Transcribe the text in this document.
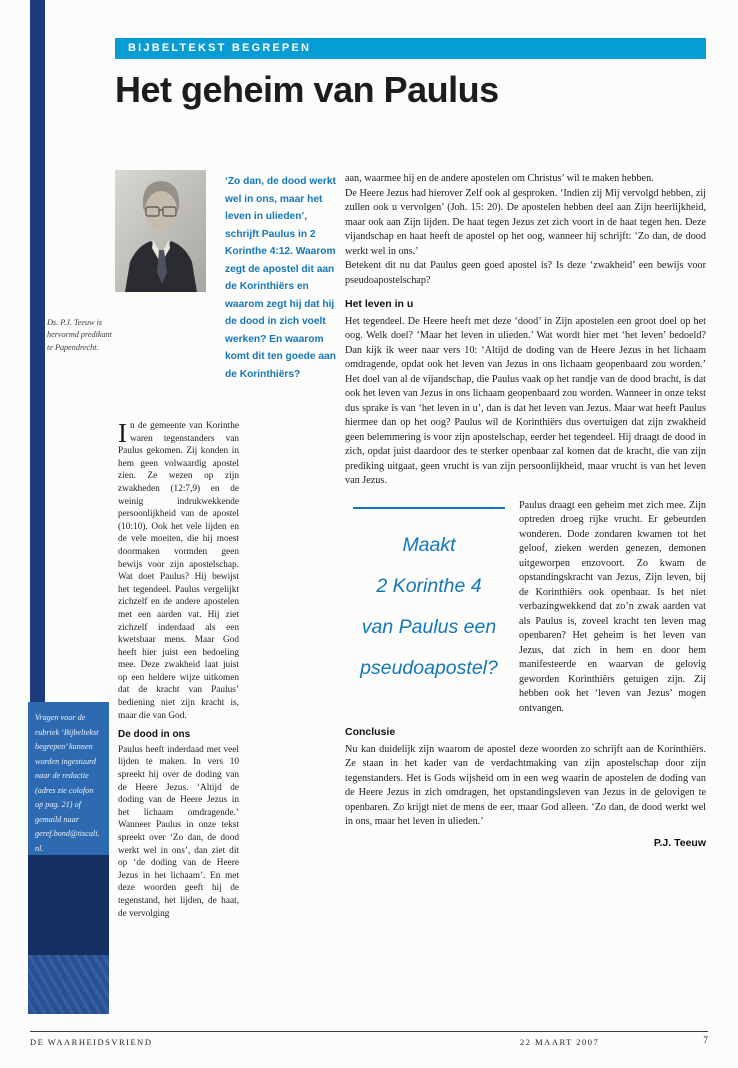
BIJBELTEKST BEGREPEN
Het geheim van Paulus
Ds. P.J. Teeuw is hervormd predikant te Papendrecht.
‘Zo dan, de dood werkt wel in ons, maar het leven in ulieden’, schrijft Paulus in 2 Korinthe 4:12. Waarom zegt de apostel dit aan de Korinthiërs en waarom zegt hij dat hij de dood in zich voelt werken? En waarom komt dit ten goede aan de Korinthiërs?

In de gemeente van Korinthe waren tegenstanders van Paulus gekomen. Zij konden in hem geen volwaardig apostel zien. Ze wezen op zijn zwakheden (12:7,9) en de weinig indrukwekkende persoonlijkheid van de apostel (10:10). Ook het vele lijden en de vele moeiten, die hij moest doormaken vormden geen bewijs voor zijn apostelschap. Wat doet Paulus? Hij bewijst het tegendeel. Paulus vergelijkt zichzelf en de andere apostelen met een aarden vat. Hij ziet zichzelf inderdaad als een kwetsbaar mens. Maar God heeft hier juist een bedoeling mee. Deze zwakheid laat juist op een heldere wijze uitkomen dat de kracht van Paulus’ bediening niet zijn kracht is, maar die van God.

De dood in ons

Paulus heeft inderdaad met veel lijden te maken. In vers 10 spreekt hij over de doding van de Heere Jezus. ‘Altijd de doding van de Heere Jezus in het lichaam omdragende.’ Wanneer Paulus in onze tekst spreekt over ‘Zo dan, de dood werkt wel in ons’, dan ziet dit op ‘de doding van de Heere Jezus in het lichaam’. En met deze woorden geeft hij de tegenstand, het lijden, de haat, de vervolging

aan, waarmee hij en de andere apostelen om Christus’ wil te maken hebben.
De Heere Jezus had hierover Zelf ook al gesproken. ‘Indien zij Mij vervolgd hebben, zij zullen ook u vervolgen’ (Joh. 15: 20). De apostelen hebben deel aan Zijn heerlijkheid, maar ook aan Zijn lijden. De haat tegen Jezus zet zich voort in de haat tegen hen. Deze vijandschap en haat heeft de apostel op het oog, wanneer hij schrijft: ‘Zo dan, de dood werkt wel in ons.’
Betekent dit nu dat Paulus geen goed apostel is? Is deze ‘zwakheid’ een bewijs voor pseudoapostelschap?
Het leven in u

Het tegendeel. De Heere heeft met deze ‘dood’ in Zijn apostelen een groot doel op het oog. Welk doel? ‘Maar het leven in ulieden.’ Wat wordt hier met ‘het leven’ bedoeld? Dan kijk ik weer naar vers 10: ‘Altijd de doding van de Heere Jezus in het lichaam omdragende, opdat ook het leven van Jezus in ons lichaam geopenbaard zou worden.’ Het doel van al de vijandschap, die Paulus vaak op het randje van de dood bracht, is dat ook het leven van Jezus in ons lichaam geopenbaard zou worden. Wanneer in onze tekst dus sprake is van ‘het leven in u’, dan is dat het leven van Jezus. Maar wat heeft Paulus hiermee dan op het oog? Paulus wil de Korinthiërs dus overtuigen dat zijn zwakheid geen belemmering is voor zijn apostelschap, eerder het tegendeel. Hij draagt de dood in zich, opdat juist daardoor des te sterker openbaar zal komen dat de kracht, die van zijn prediking uitgaat, geen vrucht is van zijn persoonlijkheid, maar vrucht is van het leven van Jezus.

Maakt
2 Korinthe 4
van Paulus een
pseudoapostel?

Paulus draagt een geheim met zich mee. Zijn optreden droeg rijke vrucht. Er gebeurden wonderen. Dode zondaren kwamen tot het geloof, zieken werden genezen, demonen uitgeworpen enzovoort. Zo kwam de opstandingskracht van Jezus, Zijn leven, bij de Korinthiërs ook openbaar. Is het niet verbazingwekkend dat zo’n zwak aarden vat als Paulus is, zoveel kracht ten leven mag openbaren? Het geheim is het leven van Jezus, dat zich in hem en door hem manifesteerde en waarvan de gelovig geworden Korinthiërs getuigen zijn. Zij hebben ook het ‘leven van Jezus’ mogen ontvangen.

Conclusie

Nu kan duidelijk zijn waarom de apostel deze woorden zo schrijft aan de Korinthiërs. Ze staan in het kader van de verdachtmaking van zijn apostelschap door zijn tegenstanders. Het is Gods wijsheid om in een weg waarin de apostelen de doding van de Heere Jezus in zich omdragen, het opstandingsleven van Jezus in de gelovigen te openbaren. Zo krijgt niet de mens de eer, maar God alleen. ‘Zo dan, de dood werkt wel in ons, maar het leven in ulieden.’

P.J. Teeuw
Vragen voor de rubriek ‘Bijbeltekst begrepen’ kunnen worden ingestuurd naar de redactie (adres zie colofon op pag. 21) of gemaild naar geref.bond@tiscali.nl.
DE WAARHEIDSVRIEND	22 MAART 2007	7
